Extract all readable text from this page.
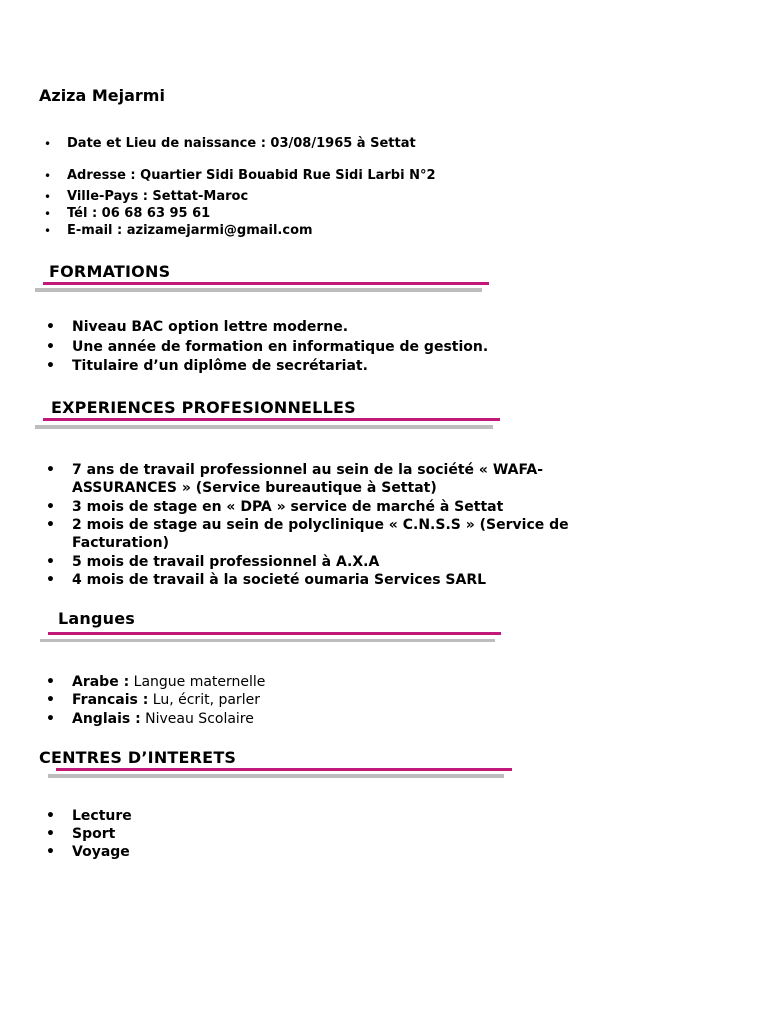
Aziza Mejarmi
• Date et Lieu de naissance : 03/08/1965 à Settat
• Adresse : Quartier Sidi Bouabid Rue Sidi Larbi N°2
• Ville-Pays : Settat-Maroc
• Tél : 06 68 63 95 61
• E-mail : azizamejarmi@gmail.com
FORMATIONS
• Niveau BAC option lettre moderne.
• Une année de formation en informatique de gestion.
• Titulaire d’un diplôme de secrétariat.
EXPERIENCES PROFESIONNELLES
• 7 ans de travail professionnel au sein de la société « WAFA-
ASSURANCES » (Service bureautique à Settat)
• 3 mois de stage en « DPA » service de marché à Settat
• 2 mois de stage au sein de polyclinique « C.N.S.S » (Service de
Facturation)
• 5 mois de travail professionnel à A.X.A
• 4 mois de travail à la societé oumaria Services SARL
Langues
• Arabe : Langue maternelle
• Francais : Lu, écrit, parler
• Anglais : Niveau Scolaire
CENTRES D’INTERETS
• Lecture
• Sport
• Voyage
